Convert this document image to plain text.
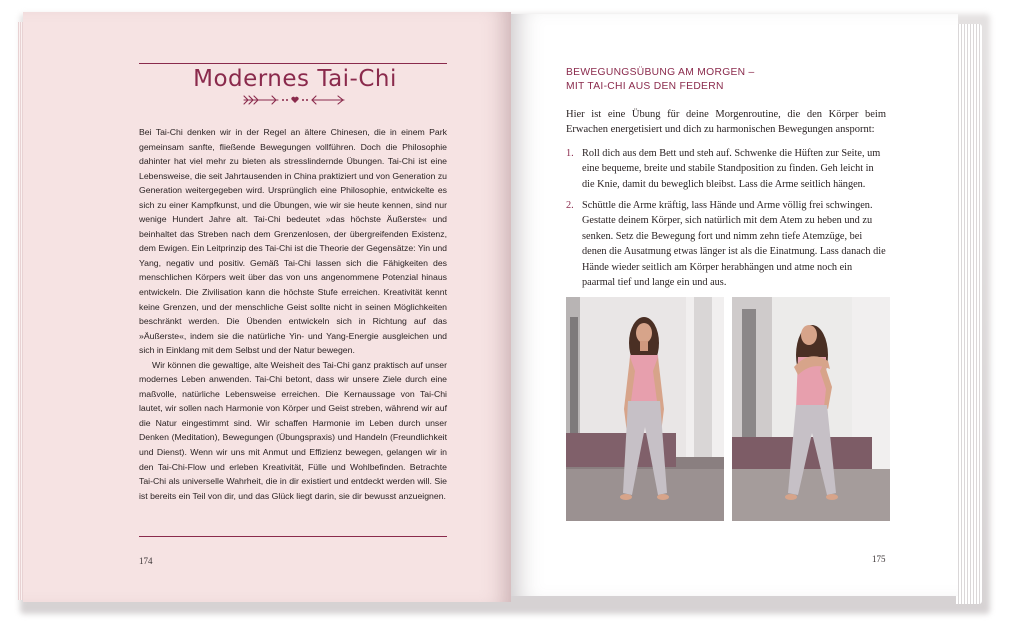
Modernes Tai-Chi

Bei Tai-Chi denken wir in der Regel an ältere Chinesen, die in einem Park gemeinsam sanfte, fließende Bewegungen vollführen. Doch die Philosophie dahinter hat viel mehr zu bieten als stresslindernde Übungen. Tai-Chi ist eine Lebensweise, die seit Jahrtausenden in China praktiziert und von Generation zu Generation weitergegeben wird. Ursprünglich eine Philosophie, entwickelte es sich zu einer Kampfkunst, und die Übungen, wie wir sie heute kennen, sind nur wenige Hundert Jahre alt. Tai-Chi bedeutet »das höchste Äußerste« und beinhaltet das Streben nach dem Grenzenlosen, der übergreifenden Existenz, dem Ewigen. Ein Leitprinzip des Tai-Chi ist die Theorie der Gegensätze: Yin und Yang, negativ und positiv. Gemäß Tai-Chi lassen sich die Fähigkeiten des menschlichen Körpers weit über das von uns angenommene Potenzial hinaus entwickeln. Die Zivilisation kann die höchste Stufe erreichen. Kreativität kennt keine Grenzen, und der menschliche Geist sollte nicht in seinen Möglichkeiten beschränkt werden. Die Übenden entwickeln sich in Richtung auf das »Äußerste«, indem sie die natürliche Yin- und Yang-Energie ausgleichen und sich in Einklang mit dem Selbst und der Natur bewegen.

Wir können die gewaltige, alte Weisheit des Tai-Chi ganz praktisch auf unser modernes Leben anwenden. Tai-Chi betont, dass wir unsere Ziele durch eine maßvolle, natürliche Lebensweise erreichen. Die Kernaussage von Tai-Chi lautet, wir sollen nach Harmonie von Körper und Geist streben, während wir auf die Natur eingestimmt sind. Wir schaffen Harmonie im Leben durch unser Denken (Meditation), Bewegungen (Übungspraxis) und Handeln (Freundlichkeit und Dienst). Wenn wir uns mit Anmut und Effizienz bewegen, gelangen wir in den Tai-Chi-Flow und erleben Kreativität, Fülle und Wohlbefinden. Betrachte Tai-Chi als universelle Wahrheit, die in dir existiert und entdeckt werden will. Sie ist bereits ein Teil von dir, und das Glück liegt darin, sie dir bewusst anzueignen.

174
BEWEGUNGSÜBUNG AM MORGEN –
MIT TAI-CHI AUS DEN FEDERN
Hier ist eine Übung für deine Morgenroutine, die den Körper beim Erwachen energetisiert und dich zu harmonischen Bewegungen anspornt:
1. Roll dich aus dem Bett und steh auf. Schwenke die Hüften zur Seite, um eine bequeme, breite und stabile Standposition zu finden. Geh leicht in die Knie, damit du beweglich bleibst. Lass die Arme seitlich hängen.
2. Schüttle die Arme kräftig, lass Hände und Arme völlig frei schwingen. Gestatte deinem Körper, sich natürlich mit dem Atem zu heben und zu senken. Setz die Bewegung fort und nimm zehn tiefe Atemzüge, bei denen die Ausatmung etwas länger ist als die Einatmung. Lass danach die Hände wieder seitlich am Körper herabhängen und atme noch ein paarmal tief und lange ein und aus.
175
